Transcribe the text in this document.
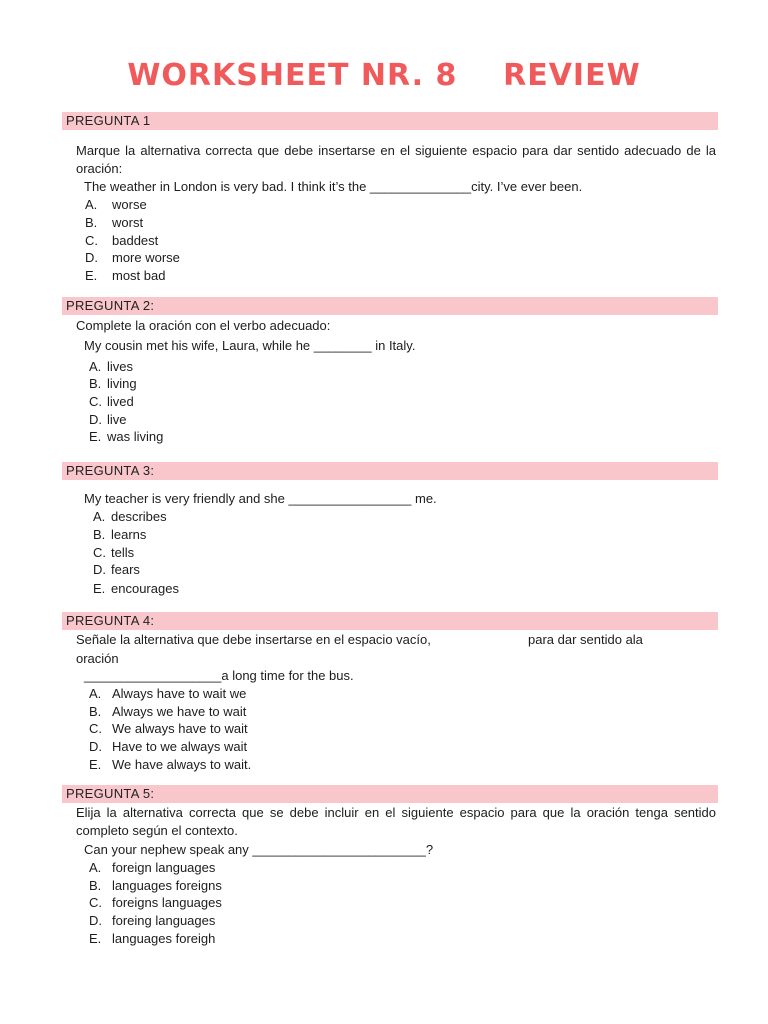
WORKSHEET NR. 8    REVIEW
PREGUNTA 1
Marque la alternativa correcta que debe insertarse en el siguiente espacio para dar sentido adecuado de la oración:
The weather in London is very bad. I think it’s the ______________city. I’ve ever been.
A. worse
B. worst
C. baddest
D. more worse
E. most bad
PREGUNTA 2:
Complete la oración con el verbo adecuado:
My cousin met his wife, Laura, while he ________ in Italy.
A. lives
B. living
C. lived
D. live
E. was living
PREGUNTA 3:
My teacher is very friendly and she _________________ me.
A. describes
B. learns
C. tells
D. fears
E. encourages
PREGUNTA 4:
Señale la alternativa que debe insertarse en el espacio vacío,	para dar sentido ala
oración
___________________a long time for the bus.
A. Always have to wait we
B. Always we have to wait
C. We always have to wait
D. Have to we always wait
E. We have always to wait.
PREGUNTA 5:
Elija la alternativa correcta que se debe incluir en el siguiente espacio para que la oración tenga sentido completo según el contexto.
Can your nephew speak any ________________________?
A. foreign languages
B. languages foreigns
C. foreigns languages
D. foreing languages
E. languages foreigh
